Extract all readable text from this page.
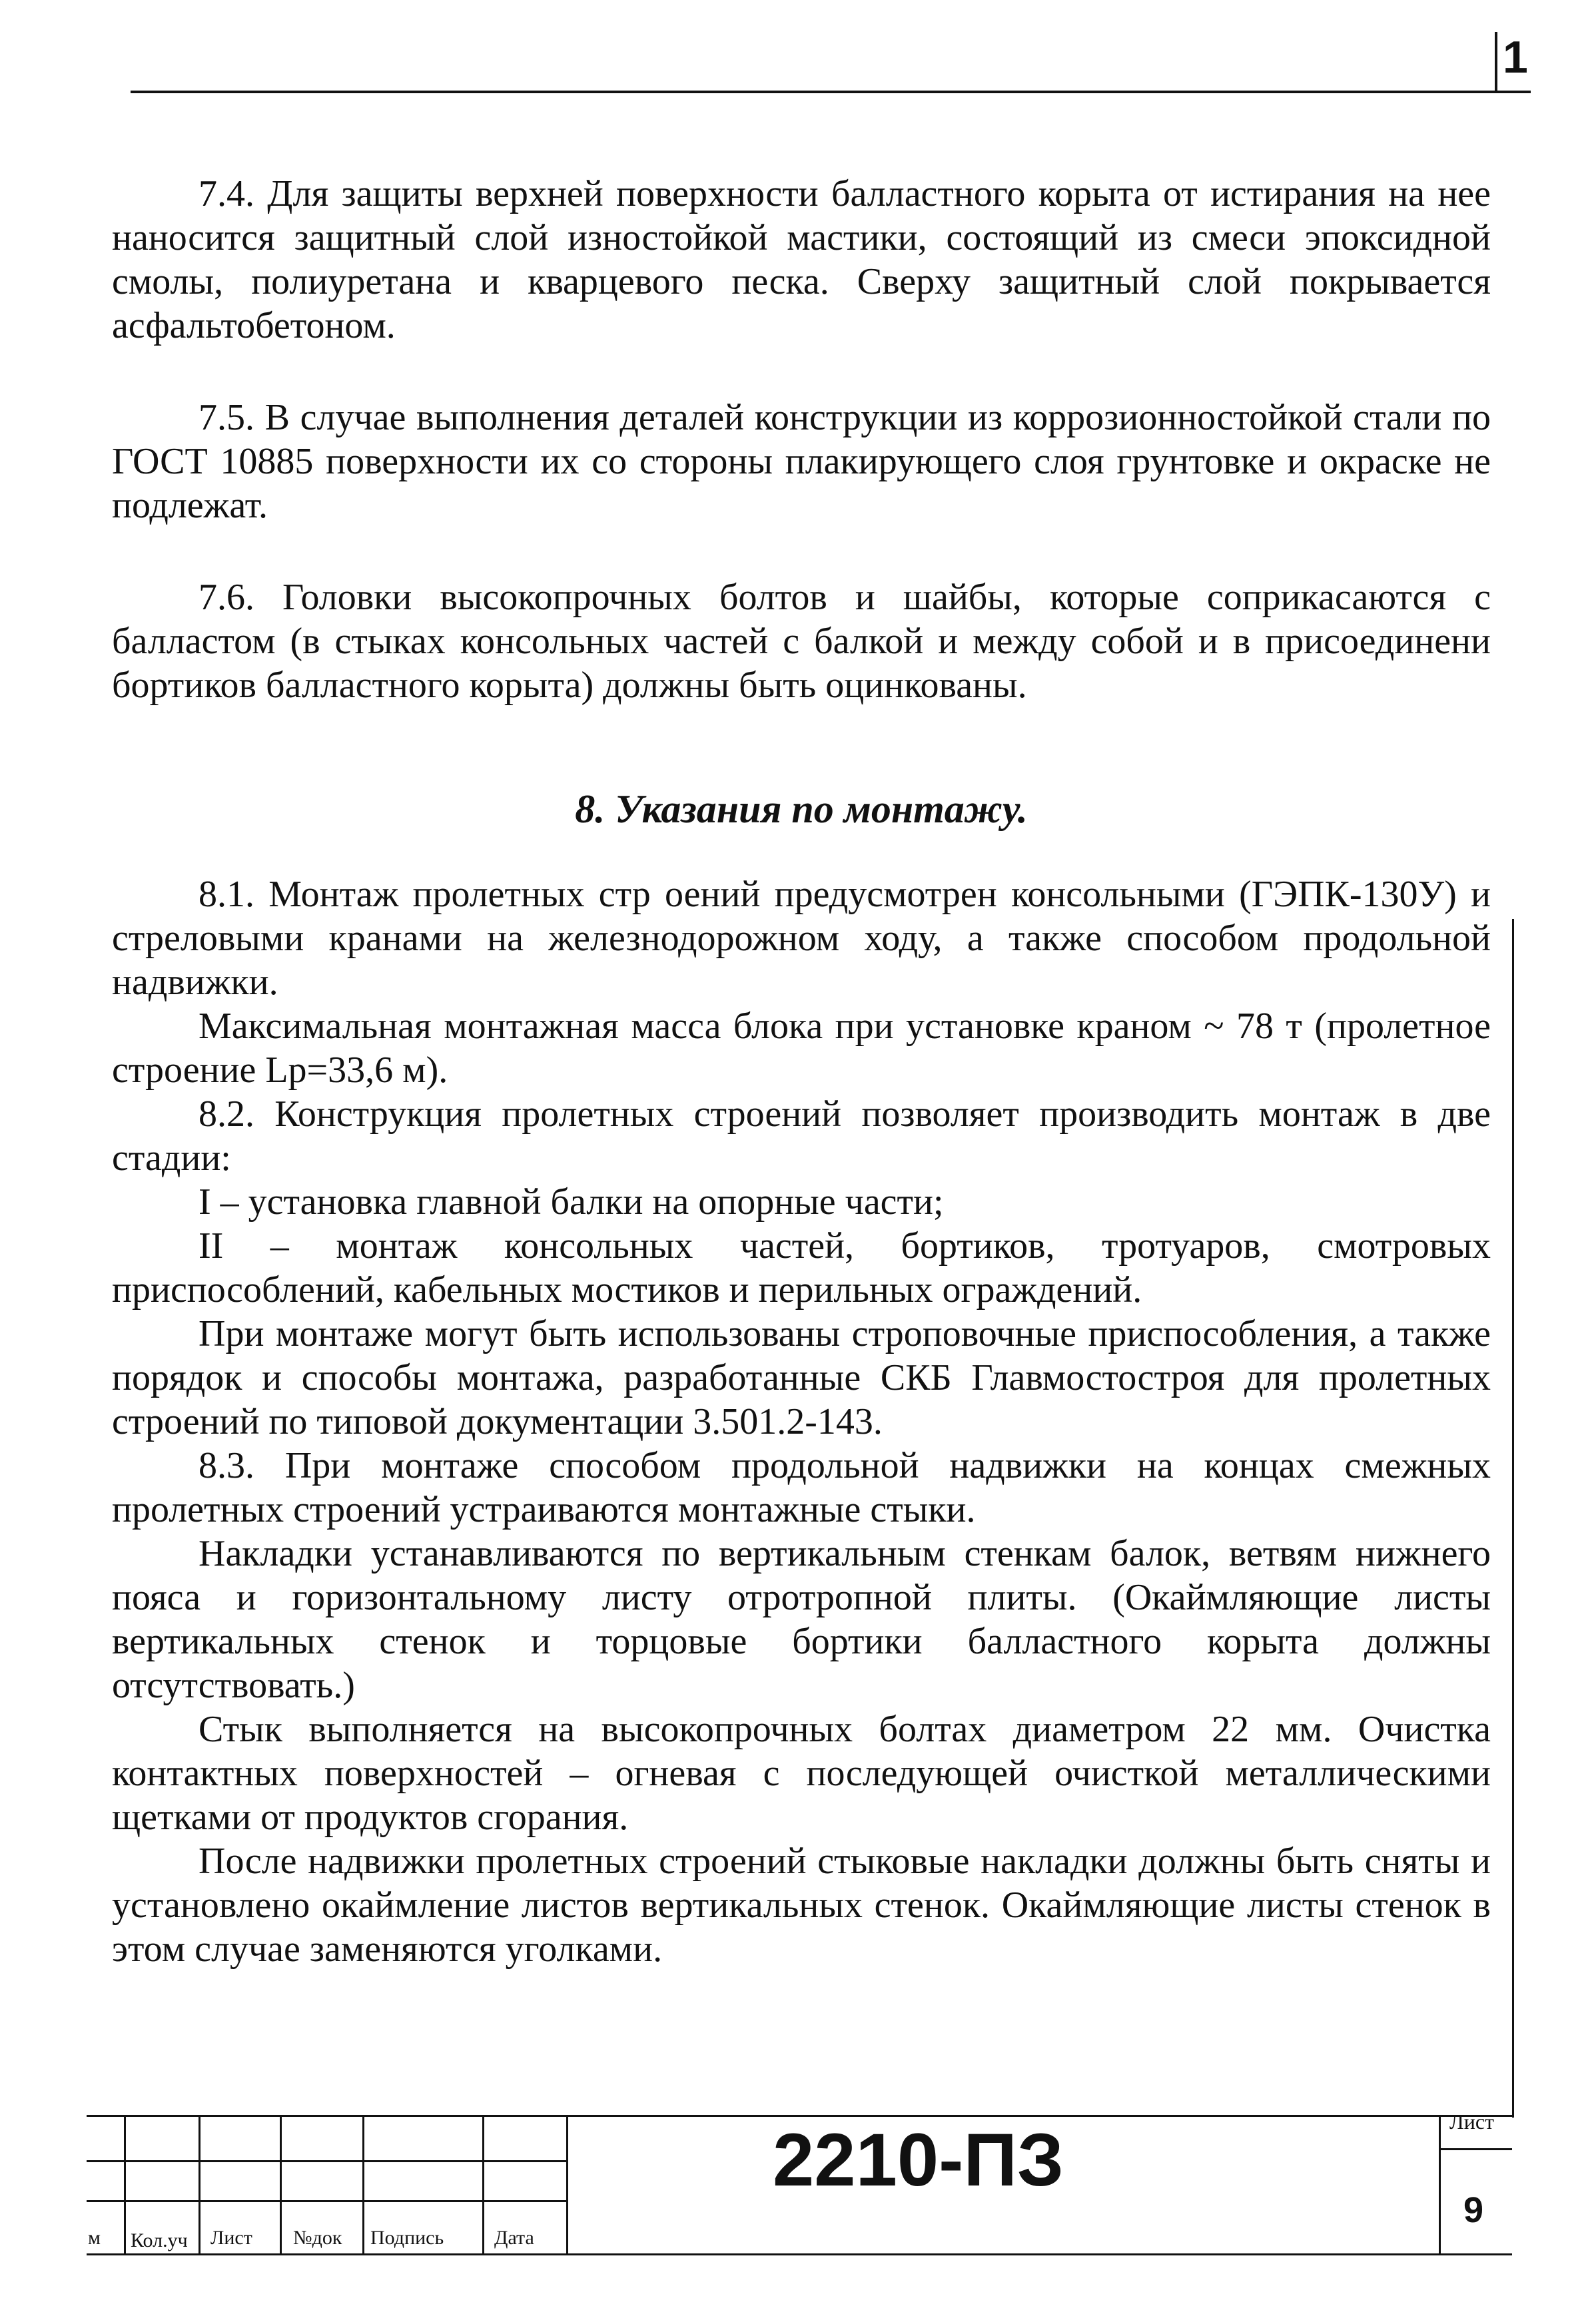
1

7.4. Для защиты верхней поверхности балластного корыта от истирания на нее наносится защитный слой изностойкой мастики, состоящий из смеси эпоксидной смолы, полиуретана и кварцевого песка. Сверху защитный слой покрывается асфальтобетоном.

7.5. В случае выполнения деталей конструкции из коррозионностойкой стали по ГОСТ 10885 поверхности их со стороны плакирующего слоя грунтовке и окраске не подлежат.

7.6. Головки высокопрочных болтов и шайбы, которые соприкасаются с балластом (в стыках консольных частей с балкой и между собой и в присоединени бортиков балластного корыта) должны быть оцинкованы.

8. Указания по монтажу.

8.1. Монтаж пролетных стр оений предусмотрен консольными (ГЭПК-130У) и стреловыми кранами на железнодорожном ходу, а также способом продольной надвижки.

Максимальная монтажная масса блока при установке краном ~ 78 т (пролетное строение Lp=33,6 м).

8.2. Конструкция пролетных строений позволяет производить монтаж в две стадии:

I – установка главной балки на опорные части;

II – монтаж консольных частей, бортиков, тротуаров, смотровых приспособлений, кабельных мостиков и перильных ограждений.

При монтаже могут быть использованы строповочные приспособления, а также порядок и способы монтажа, разработанные СКБ Главмостостроя для пролетных строений по типовой документации 3.501.2-143.

8.3. При монтаже способом продольной надвижки на концах смежных пролетных строений устраиваются монтажные стыки.

Накладки устанавливаются по вертикальным стенкам балок, ветвям нижнего пояса и горизонтальному листу отротропной плиты. (Окаймляющие листы вертикальных стенок и торцовые бортики балластного корыта должны отсутствовать.)

Стык выполняется на высокопрочных болтах диаметром 22 мм. Очистка контактных поверхностей – огневая с последующей очисткой металлическими щетками от продуктов сгорания.

После надвижки пролетных строений стыковые накладки должны быть сняты и установлено окаймление листов вертикальных стенок. Окаймляющие листы стенок в этом случае заменяются уголками.

м Кол.уч Лист №док Подпись	Дата
2210-ПЗ	Лист
9
